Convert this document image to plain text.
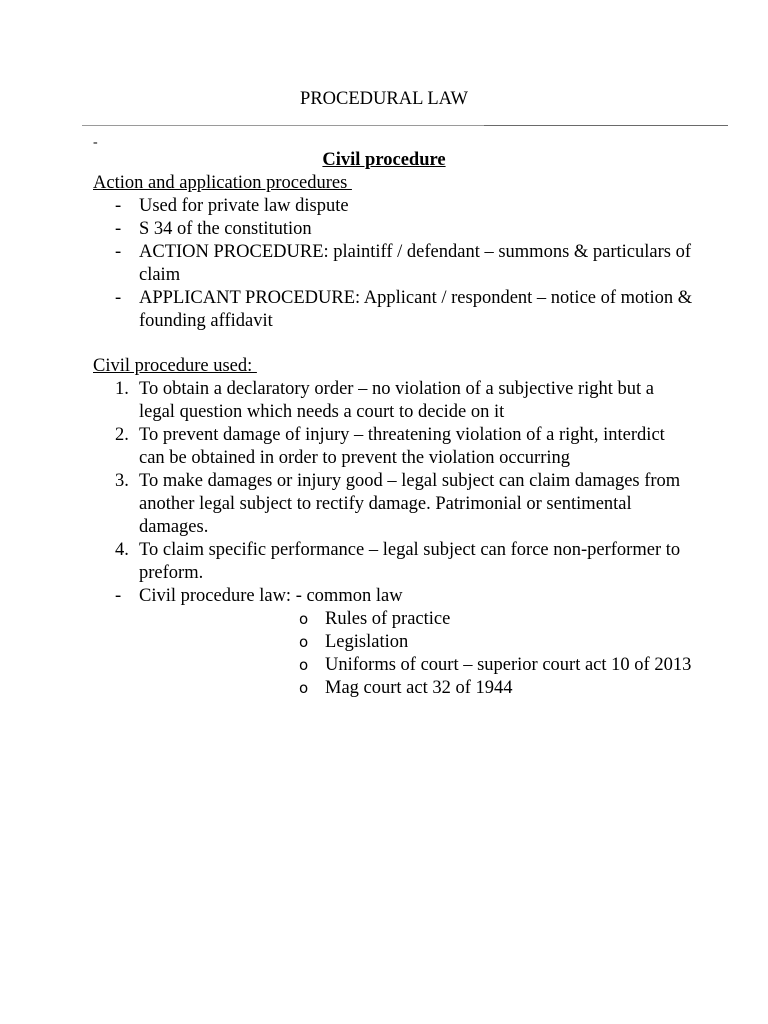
PROCEDURAL LAW
-
Civil procedure
Action and application procedures
- Used for private law dispute
- S 34 of the constitution
- ACTION PROCEDURE: plaintiff / defendant – summons & particulars of claim
- APPLICANT PROCEDURE: Applicant / respondent – notice of motion & founding affidavit
Civil procedure used:
1. To obtain a declaratory order – no violation of a subjective right but a legal question which needs a court to decide on it
2. To prevent damage of injury – threatening violation of a right, interdict can be obtained in order to prevent the violation occurring
3. To make damages or injury good – legal subject can claim damages from another legal subject to rectify damage. Patrimonial or sentimental damages.
4. To claim specific performance – legal subject can force non-performer to preform.
- Civil procedure law: - common law
o Rules of practice
o Legislation
o Uniforms of court – superior court act 10 of 2013
o Mag court act 32 of 1944
